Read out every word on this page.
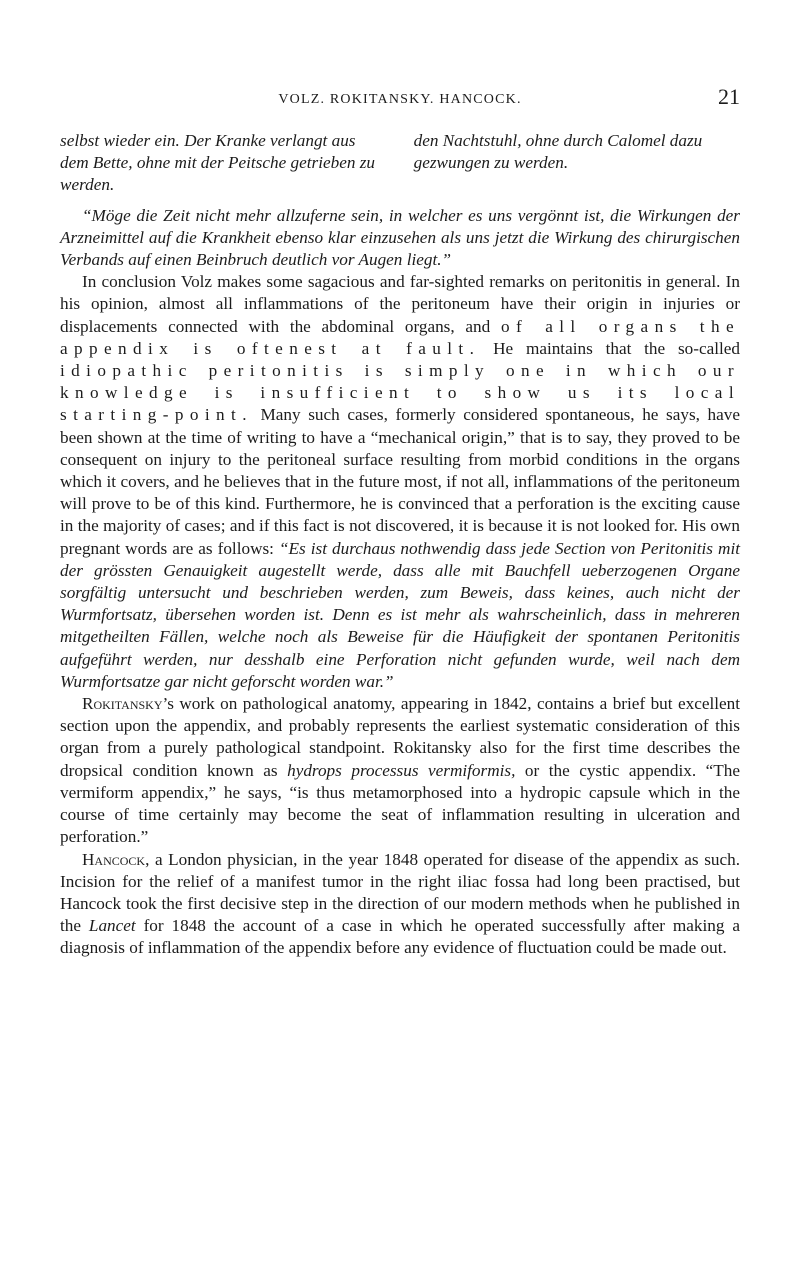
VOLZ. ROKITANSKY. HANCOCK.	21
selbst wieder ein. Der Kranke verlangt aus dem Bette, ohne mit der Peitsche getrieben zu werden.
den Nachtstuhl, ohne durch Calomel dazu gezwungen zu werden.

“Möge die Zeit nicht mehr allzuferne sein, in welcher es uns vergönnt ist, die Wirkungen der Arzneimittel auf die Krankheit ebenso klar einzusehen als uns jetzt die Wirkung des chirurgischen Verbands auf einen Beinbruch deutlich vor Augen liegt.”

In conclusion Volz makes some sagacious and far-sighted remarks on peritonitis in general. In his opinion, almost all inflammations of the peritoneum have their origin in injuries or displacements connected with the abdominal organs, and of all organs the appendix is oftenest at fault. He maintains that the so-called idiopathic peritonitis is simply one in which our knowledge is insufficient to show us its local starting-point. Many such cases, formerly considered spontaneous, he says, have been shown at the time of writing to have a “mechanical origin,” that is to say, they proved to be consequent on injury to the peritoneal surface resulting from morbid conditions in the organs which it covers, and he believes that in the future most, if not all, inflammations of the peritoneum will prove to be of this kind. Furthermore, he is convinced that a perforation is the exciting cause in the majority of cases; and if this fact is not discovered, it is because it is not looked for. His own pregnant words are as follows: “Es ist durchaus nothwendig dass jede Section von Peritonitis mit der grössten Genauigkeit augestellt werde, dass alle mit Bauchfell ueberzogenen Organe sorgfältig untersucht und beschrieben werden, zum Beweis, dass keines, auch nicht der Wurmfortsatz, übersehen worden ist. Denn es ist mehr als wahrscheinlich, dass in mehreren mitgetheilten Fällen, welche noch als Beweise für die Häufigkeit der spontanen Peritonitis aufgeführt werden, nur desshalb eine Perforation nicht gefunden wurde, weil nach dem Wurmfortsatze gar nicht geforscht worden war.”

Rokitansky’s work on pathological anatomy, appearing in 1842, contains a brief but excellent section upon the appendix, and probably represents the earliest systematic consideration of this organ from a purely pathological standpoint. Rokitansky also for the first time describes the dropsical condition known as hydrops processus vermiformis, or the cystic appendix. “The vermiform appendix,” he says, “is thus metamorphosed into a hydropic capsule which in the course of time certainly may become the seat of inflammation resulting in ulceration and perforation.”

Hancock, a London physician, in the year 1848 operated for disease of the appendix as such. Incision for the relief of a manifest tumor in the right iliac fossa had long been practised, but Hancock took the first decisive step in the direction of our modern methods when he published in the Lancet for 1848 the account of a case in which he operated successfully after making a diagnosis of inflammation of the appendix before any evidence of fluctuation could be made out.
